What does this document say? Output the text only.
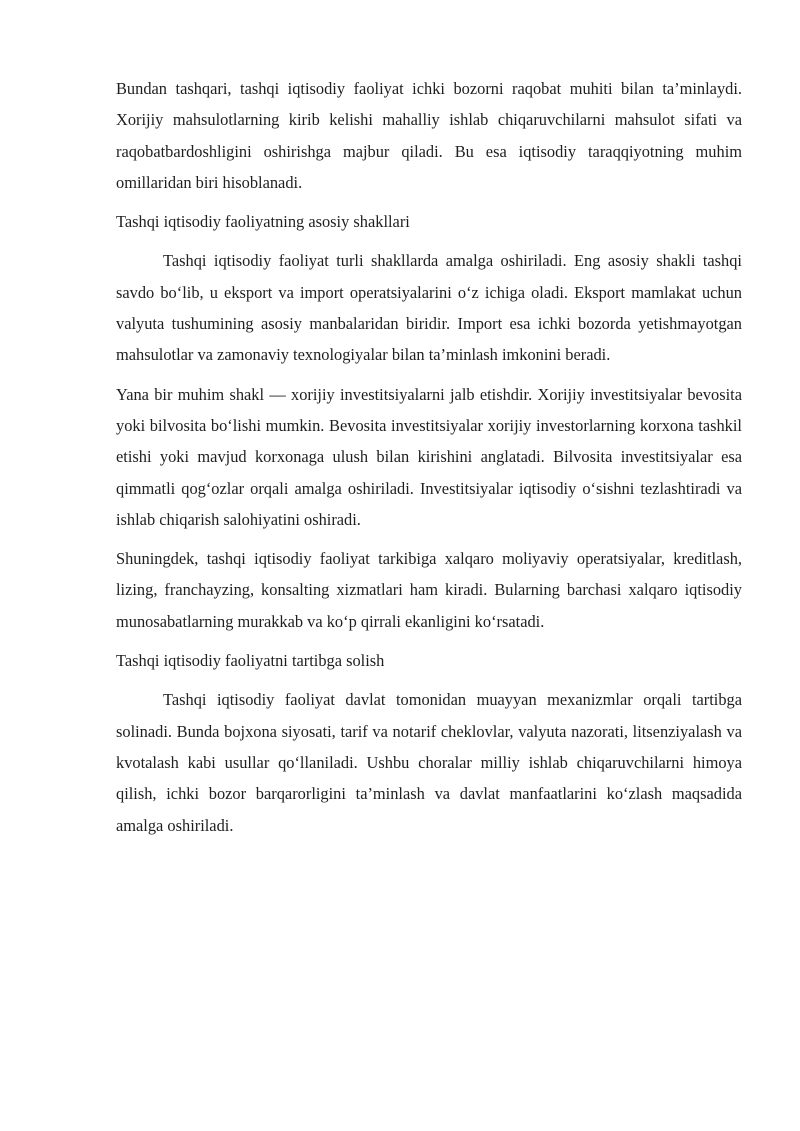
Bundan tashqari, tashqi iqtisodiy faoliyat ichki bozorni raqobat muhiti bilan ta’minlaydi. Xorijiy mahsulotlarning kirib kelishi mahalliy ishlab chiqaruvchilarni mahsulot sifati va raqobatbardoshligini oshirishga majbur qiladi. Bu esa iqtisodiy taraqqiyotning muhim omillaridan biri hisoblanadi.

Tashqi iqtisodiy faoliyatning asosiy shakllari

Tashqi iqtisodiy faoliyat turli shakllarda amalga oshiriladi. Eng asosiy shakli tashqi savdo bo‘lib, u eksport va import operatsiyalarini o‘z ichiga oladi. Eksport mamlakat uchun valyuta tushumining asosiy manbalaridan biridir. Import esa ichki bozorda yetishmayotgan mahsulotlar va zamonaviy texnologiyalar bilan ta’minlash imkonini beradi.

Yana bir muhim shakl — xorijiy investitsiyalarni jalb etishdir. Xorijiy investitsiyalar bevosita yoki bilvosita bo‘lishi mumkin. Bevosita investitsiyalar xorijiy investorlarning korxona tashkil etishi yoki mavjud korxonaga ulush bilan kirishini anglatadi. Bilvosita investitsiyalar esa qimmatli qog‘ozlar orqali amalga oshiriladi. Investitsiyalar iqtisodiy o‘sishni tezlashtiradi va ishlab chiqarish salohiyatini oshiradi.

Shuningdek, tashqi iqtisodiy faoliyat tarkibiga xalqaro moliyaviy operatsiyalar, kreditlash, lizing, franchayzing, konsalting xizmatlari ham kiradi. Bularning barchasi xalqaro iqtisodiy munosabatlarning murakkab va ko‘p qirrali ekanligini ko‘rsatadi.

Tashqi iqtisodiy faoliyatni tartibga solish

Tashqi iqtisodiy faoliyat davlat tomonidan muayyan mexanizmlar orqali tartibga solinadi. Bunda bojxona siyosati, tarif va notarif cheklovlar, valyuta nazorati, litsenziyalash va kvotalash kabi usullar qo‘llaniladi. Ushbu choralar milliy ishlab chiqaruvchilarni himoya qilish, ichki bozor barqarorligini ta’minlash va davlat manfaatlarini ko‘zlash maqsadida amalga oshiriladi.
